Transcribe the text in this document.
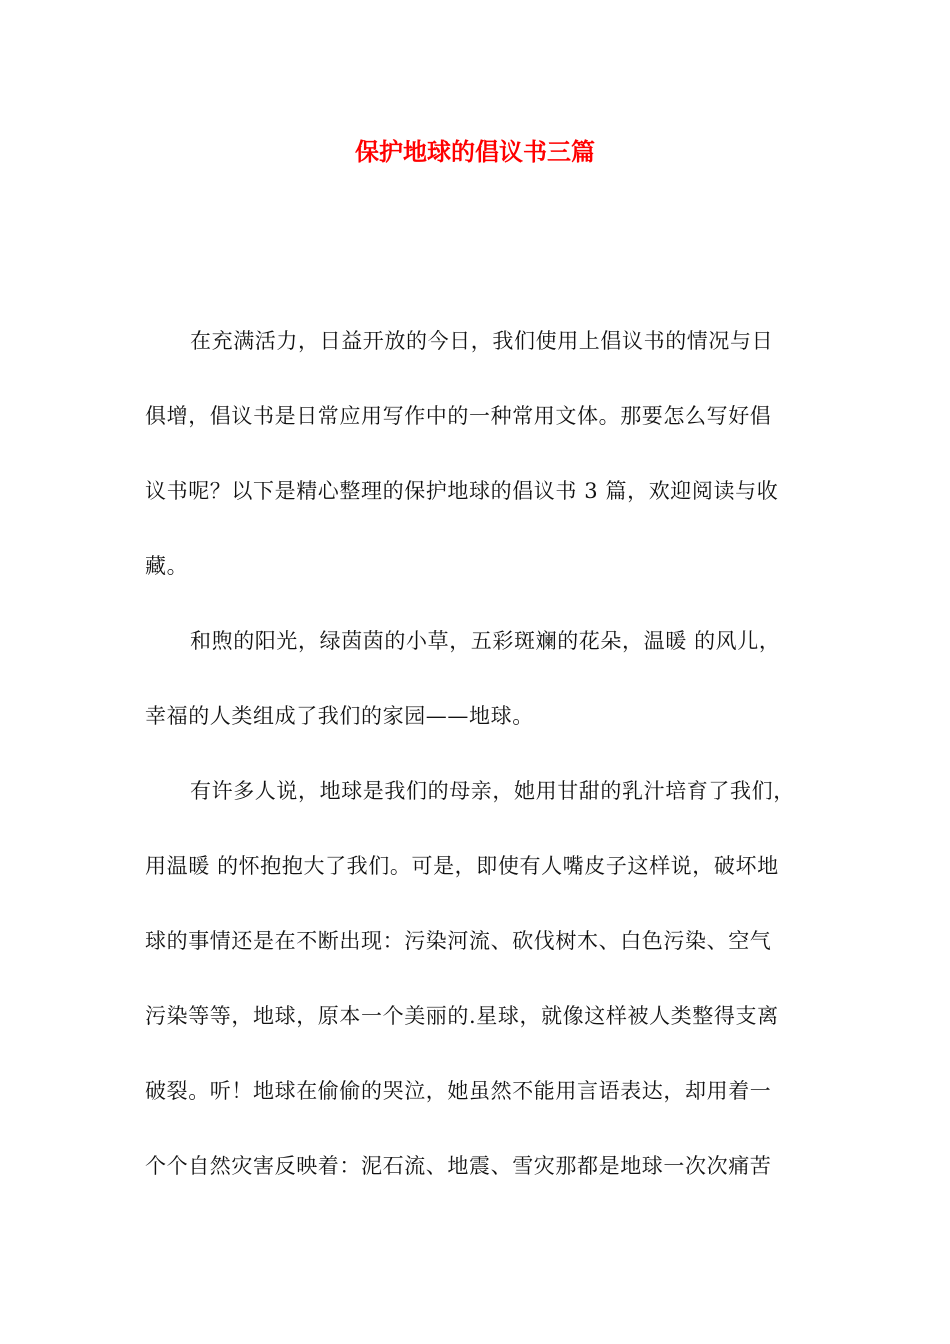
保护地球的倡议书三篇

在充满活力，日益开放的今日，我们使用上倡议书的情况与日
俱增，倡议书是日常应用写作中的一种常用文体。那要怎么写好倡
议书呢？以下是精心整理的保护地球的倡议书 3 篇，欢迎阅读与收
藏。

和煦的阳光，绿茵茵的小草，五彩斑斓的花朵，温暖 的风儿，
幸福的人类组成了我们的家园——地球。

有许多人说，地球是我们的母亲，她用甘甜的乳汁培育了我们，
用温暖 的怀抱抱大了我们。可是，即使有人嘴皮子这样说，破坏地
球的事情还是在不断出现：污染河流、砍伐树木、白色污染、空气
污染等等，地球，原本一个美丽的.星球，就像这样被人类整得支离
破裂。听！地球在偷偷的哭泣，她虽然不能用言语表达，却用着一
个个自然灾害反映着：泥石流、地震、雪灾那都是地球一次次痛苦
